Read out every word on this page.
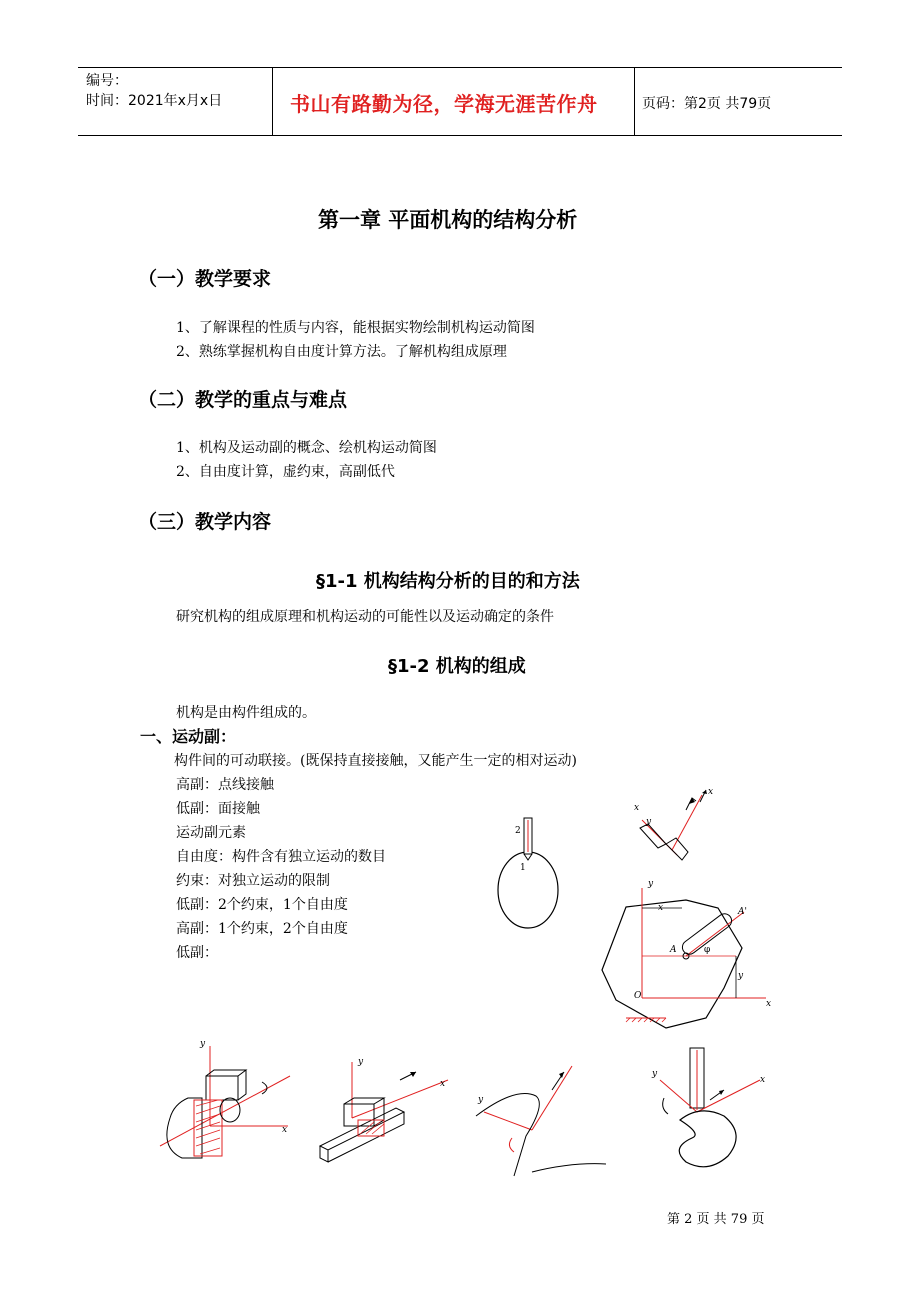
编号：
时间：2021年x月x日	书山有路勤为径，学海无涯苦作舟	页码：第2页 共79页
第一章 平面机构的结构分析
（一）教学要求
1、了解课程的性质与内容，能根据实物绘制机构运动简图
2、熟练掌握机构自由度计算方法。了解机构组成原理
（二）教学的重点与难点
1、机构及运动副的概念、绘机构运动简图
2、自由度计算，虚约束，高副低代
（三）教学内容
§1-1 机构结构分析的目的和方法
研究机构的组成原理和机构运动的可能性以及运动确定的条件
§1-2 机构的组成
机构是由构件组成的。
一、运动副：
构件间的可动联接。(既保持直接接触，又能产生一定的相对运动)
高副：点线接触
低副：面接触
运动副元素
自由度：构件含有独立运动的数目
约束：对独立运动的限制
低副：2个约束，1个自由度
高副：1个约束，2个自由度
低副：
2
1
x
y
x
y
x	A'
A	φ
y
O
x
y
x
y
x
y
y
x
第 2 页 共 79 页
